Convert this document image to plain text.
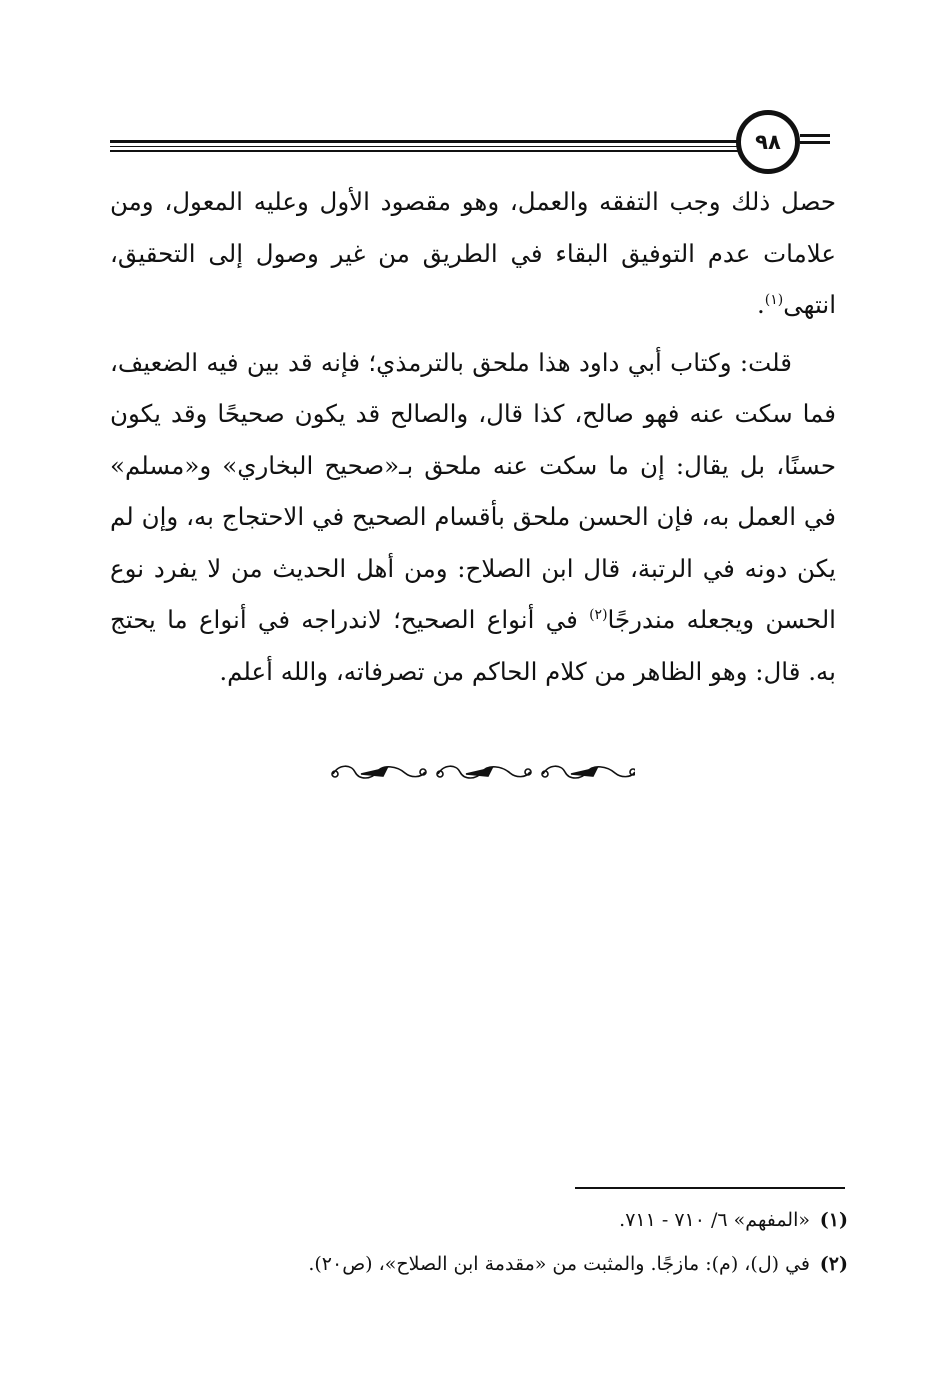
٩٨

حصل ذلك وجب التفقه والعمل، وهو مقصود الأول وعليه المعول، ومن علامات عدم التوفيق البقاء في الطريق من غير وصول إلى التحقيق، انتهى$^{(١)}$.

قلت: وكتاب أبي داود هذا ملحق بالترمذي؛ فإنه قد بين فيه الضعيف، فما سكت عنه فهو صالح، كذا قال، والصالح قد يكون صحيحًا وقد يكون حسنًا، بل يقال: إن ما سكت عنه ملحق بـ«صحيح البخاري» و«مسلم» في العمل به، فإن الحسن ملحق بأقسام الصحيح في الاحتجاج به، وإن لم يكن دونه في الرتبة، قال ابن الصلاح: ومن أهل الحديث من لا يفرد نوع الحسن ويجعله مندرجًا$^{(٢)}$ في أنواع الصحيح؛ لاندراجه في أنواع ما يحتج به. قال: وهو الظاهر من كلام الحاكم من تصرفاته، والله أعلم.

(١)«المفهم» ٦/ ٧١٠ - ٧١١.

(٢)في (ل)، (م): مازجًا. والمثبت من «مقدمة ابن الصلاح»، (ص٢٠).
